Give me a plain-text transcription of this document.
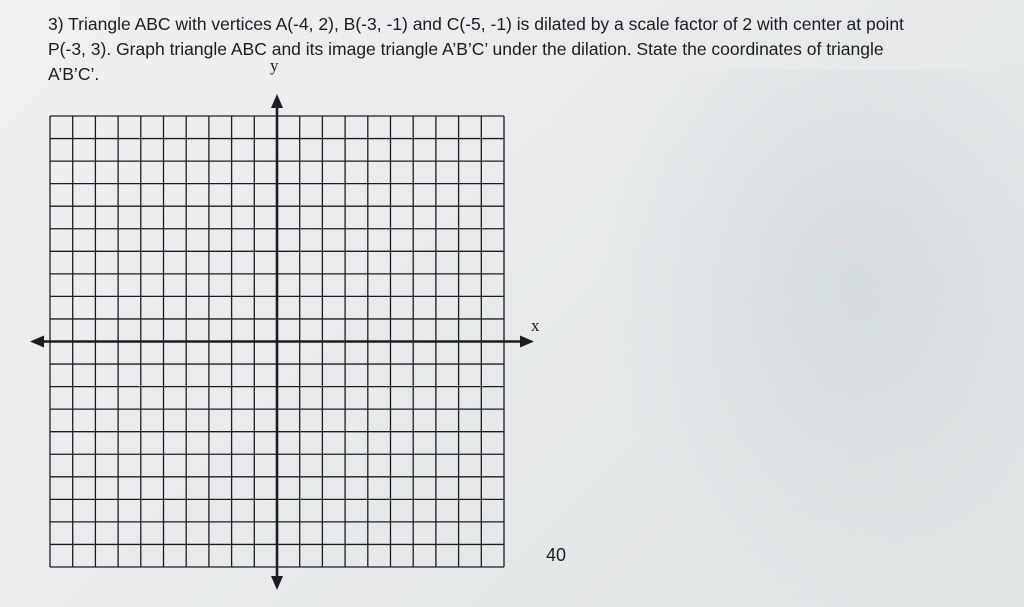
3) Triangle ABC with vertices A(-4, 2), B(-3, -1) and C(-5, -1) is dilated by a scale factor of 2 with center at point

P(-3, 3). Graph triangle ABC and its image triangle A’B’C’ under the dilation. State the coordinates of triangle

A’B’C’.	y
x
40
